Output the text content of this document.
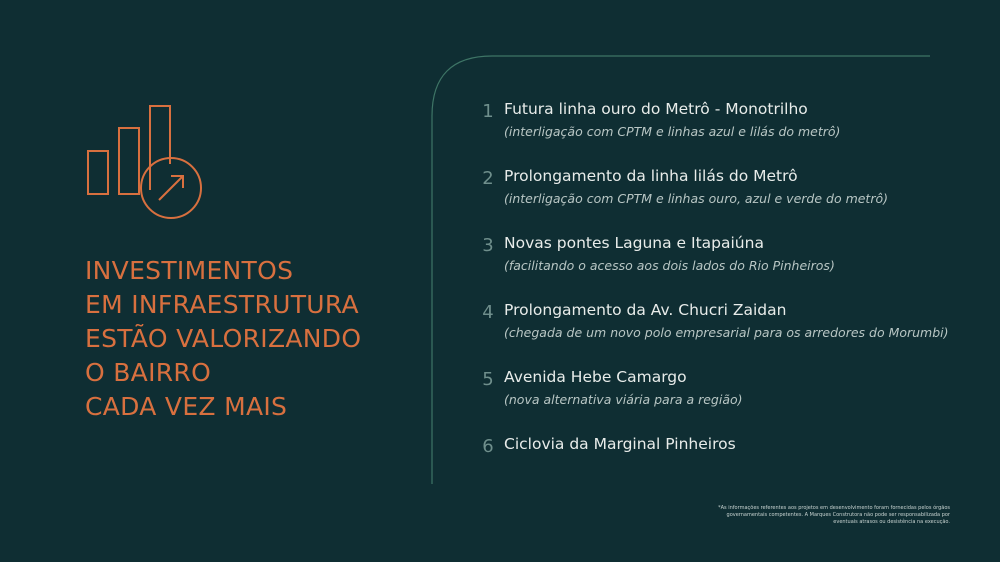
INVESTIMENTOS
EM INFRAESTRUTURA
ESTÃO VALORIZANDO
O BAIRRO
CADA VEZ MAIS
1 Futura linha ouro do Metrô - Monotrilho
(interligação com CPTM e linhas azul e lilás do metrô)
2 Prolongamento da linha lilás do Metrô
(interligação com CPTM e linhas ouro, azul e verde do metrô)
3 Novas pontes Laguna e Itapaiúna
(facilitando o acesso aos dois lados do Rio Pinheiros)
4 Prolongamento da Av. Chucri Zaidan
(chegada de um novo polo empresarial para os arredores do Morumbi)
5 Avenida Hebe Camargo
(nova alternativa viária para a região)
6 Ciclovia da Marginal Pinheiros
*As informações referentes aos projetos em desenvolvimento foram fornecidas pelos órgãos governamentais competentes. A Marques Construtora não pode ser responsabilizada por eventuais atrasos ou desistência na execução.
